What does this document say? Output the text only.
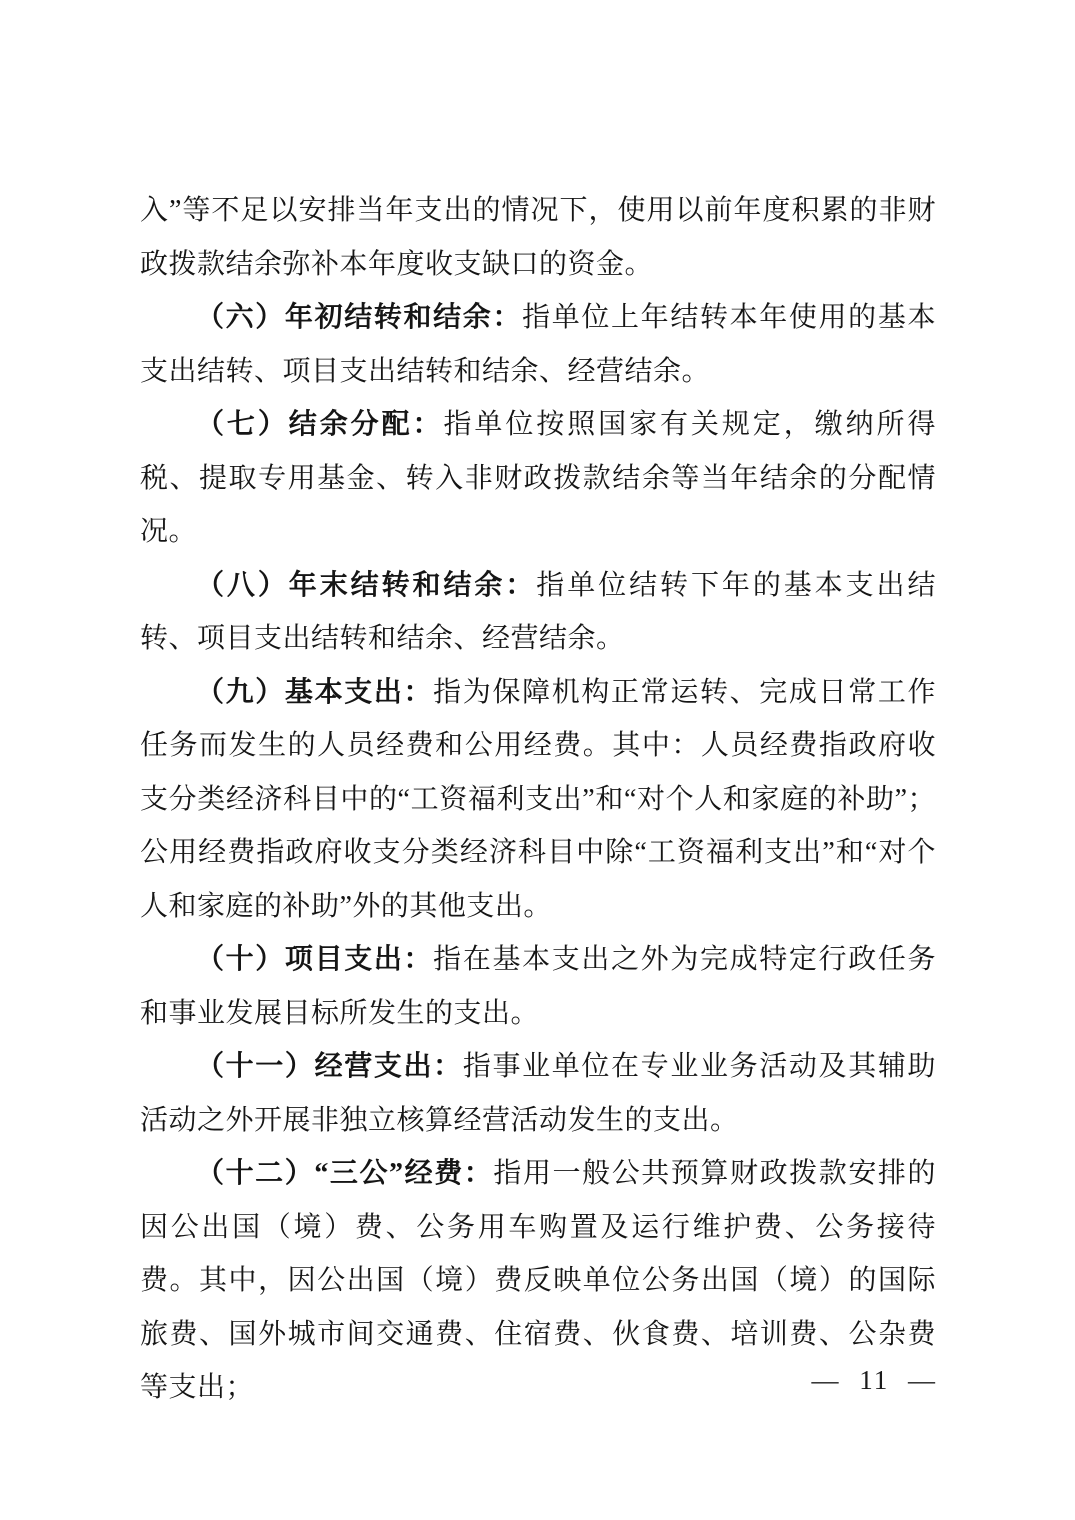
入”等不足以安排当年支出的情况下，使用以前年度积累的非财政拨款结余弥补本年度收支缺口的资金。

（六）年初结转和结余：指单位上年结转本年使用的基本支出结转、项目支出结转和结余、经营结余。

（七）结余分配：指单位按照国家有关规定，缴纳所得税、提取专用基金、转入非财政拨款结余等当年结余的分配情况。

（八）年末结转和结余：指单位结转下年的基本支出结转、项目支出结转和结余、经营结余。

（九）基本支出：指为保障机构正常运转、完成日常工作任务而发生的人员经费和公用经费。其中：人员经费指政府收支分类经济科目中的“工资福利支出”和“对个人和家庭的补助”；公用经费指政府收支分类经济科目中除“工资福利支出”和“对个人和家庭的补助”外的其他支出。

（十）项目支出：指在基本支出之外为完成特定行政任务和事业发展目标所发生的支出。

（十一）经营支出：指事业单位在专业业务活动及其辅助活动之外开展非独立核算经营活动发生的支出。

（十二）“三公”经费：指用一般公共预算财政拨款安排的因公出国（境）费、公务用车购置及运行维护费、公务接待费。其中，因公出国（境）费反映单位公务出国（境）的国际旅费、国外城市间交通费、住宿费、伙食费、培训费、公杂费等支出；	— 11 —
